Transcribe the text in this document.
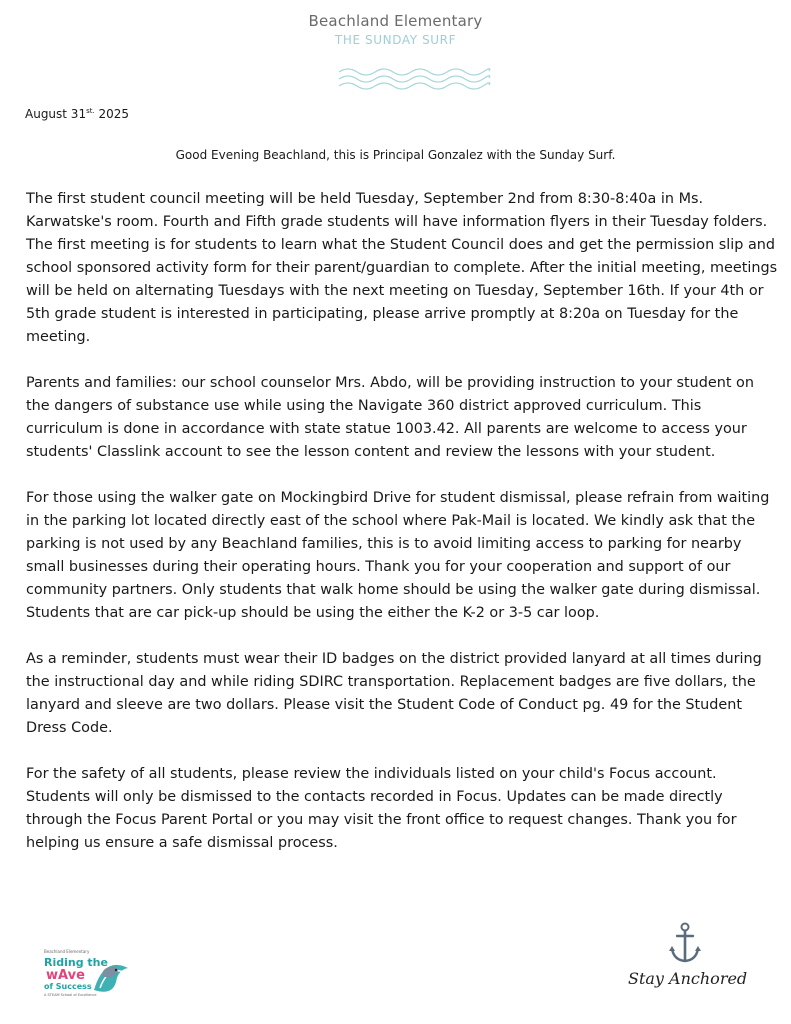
Beachland Elementary
THE SUNDAY SURF
August $31^{st.}$ 2025
Good Evening Beachland, this is Principal Gonzalez with the Sunday Surf.

The first student council meeting will be held Tuesday, September 2nd from 8:30-8:40a in Ms. Karwatske's room. Fourth and Fifth grade students will have information flyers in their Tuesday folders. The first meeting is for students to learn what the Student Council does and get the permission slip and school sponsored activity form for their parent/guardian to complete. After the initial meeting, meetings will be held on alternating Tuesdays with the next meeting on Tuesday, September 16th. If your 4th or 5th grade student is interested in participating, please arrive promptly at 8:20a on Tuesday for the meeting.

Parents and families: our school counselor Mrs. Abdo, will be providing instruction to your student on the dangers of substance use while using the Navigate 360 district approved curriculum. This curriculum is done in accordance with state statue 1003.42. All parents are welcome to access your students' Classlink account to see the lesson content and review the lessons with your student.

For those using the walker gate on Mockingbird Drive for student dismissal, please refrain from waiting in the parking lot located directly east of the school where Pak-Mail is located. We kindly ask that the parking is not used by any Beachland families, this is to avoid limiting access to parking for nearby small businesses during their operating hours. Thank you for your cooperation and support of our community partners. Only students that walk home should be using the walker gate during dismissal. Students that are car pick-up should be using the either the K-2 or 3-5 car loop.

As a reminder, students must wear their ID badges on the district provided lanyard at all times during the instructional day and while riding SDIRC transportation. Replacement badges are five dollars, the lanyard and sleeve are two dollars. Please visit the Student Code of Conduct pg. 49 for the Student Dress Code.

For the safety of all students, please review the individuals listed on your child's Focus account. Students will only be dismissed to the contacts recorded in Focus. Updates can be made directly through the Focus Parent Portal or you may visit the front office to request changes. Thank you for helping us ensure a safe dismissal process.

Beachland Elementary
Riding the
wAve
of Success
A STEAM School of Excellence
Stay Anchored
